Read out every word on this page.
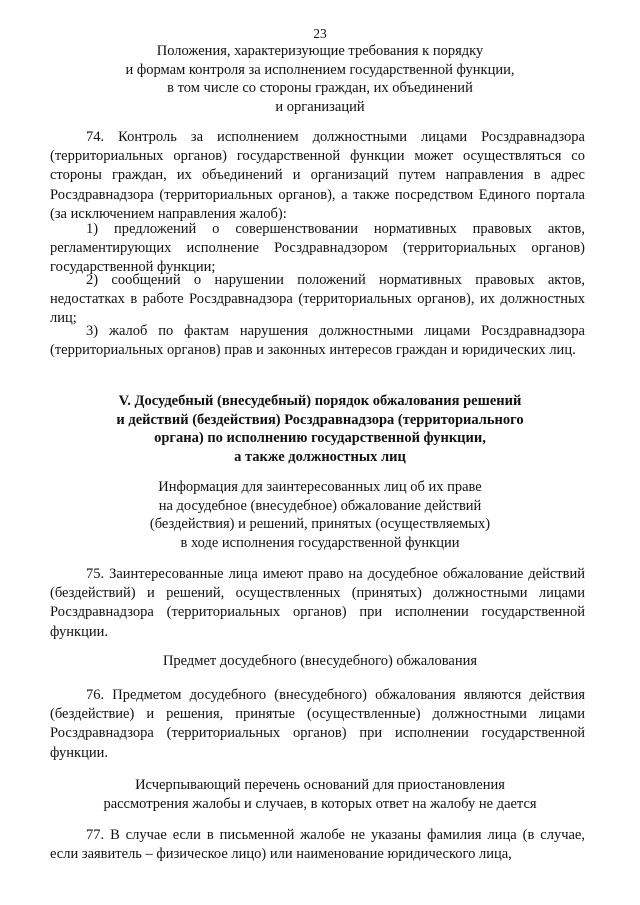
23
Положения, характеризующие требования к порядку
и формам контроля за исполнением государственной функции,
в том числе со стороны граждан, их объединений
и организаций
74. Контроль за исполнением должностными лицами Росздравнадзора (территориальных органов) государственной функции может осуществляться со стороны граждан, их объединений и организаций путем направления в адрес Росздравнадзора (территориальных органов), а также посредством Единого портала (за исключением направления жалоб):
1) предложений о совершенствовании нормативных правовых актов, регламентирующих исполнение Росздравнадзором (территориальных органов) государственной функции;
2) сообщений о нарушении положений нормативных правовых актов, недостатках в работе Росздравнадзора (территориальных органов), их должностных лиц;
3) жалоб по фактам нарушения должностными лицами Росздравнадзора (территориальных органов) прав и законных интересов граждан и юридических лиц.
V. Досудебный (внесудебный) порядок обжалования решений
и действий (бездействия) Росздравнадзора (территориального
органа) по исполнению государственной функции,
а также должностных лиц
Информация для заинтересованных лиц об их праве
на досудебное (внесудебное) обжалование действий
(бездействия) и решений, принятых (осуществляемых)
в ходе исполнения государственной функции
75. Заинтересованные лица имеют право на досудебное обжалование действий (бездействий) и решений, осуществленных (принятых) должностными лицами Росздравнадзора (территориальных органов) при исполнении государственной функции.
Предмет досудебного (внесудебного) обжалования
76. Предметом досудебного (внесудебного) обжалования являются действия (бездействие) и решения, принятые (осуществленные) должностными лицами Росздравнадзора (территориальных органов) при исполнении государственной функции.
Исчерпывающий перечень оснований для приостановления
рассмотрения жалобы и случаев, в которых ответ на жалобу не дается
77. В случае если в письменной жалобе не указаны фамилия лица (в случае, если заявитель – физическое лицо) или наименование юридического лица,
